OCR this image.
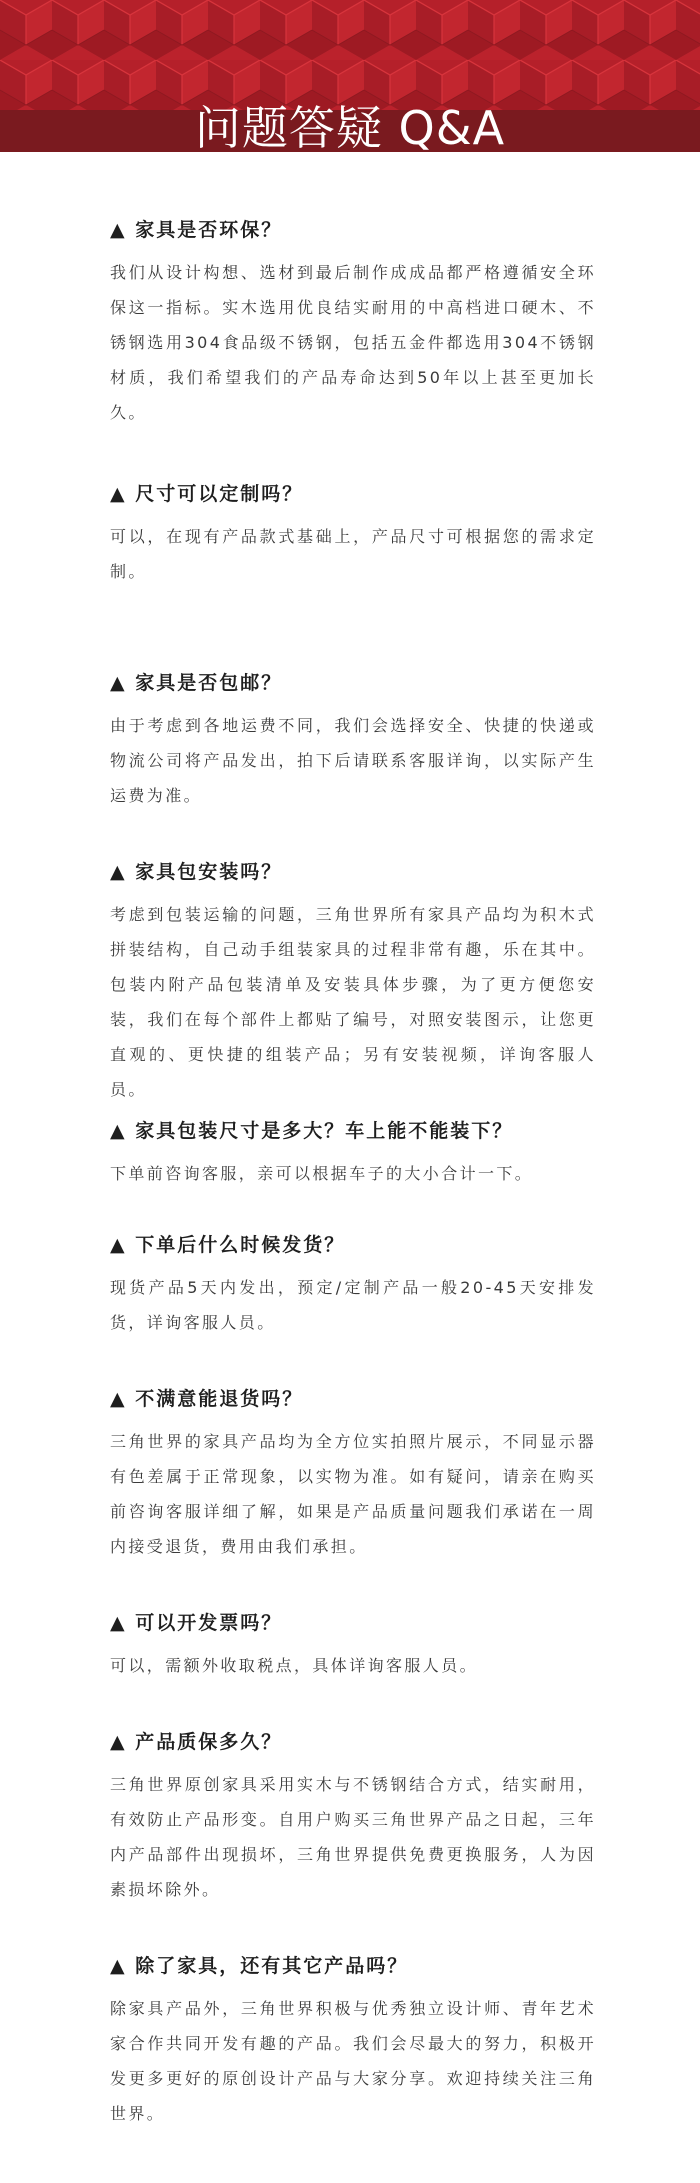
问题答疑 Q&A
▲ 家具是否环保？

我们从设计构想、选材到最后制作成成品都严格遵循安全环保这一指标。实木选用优良结实耐用的中高档进口硬木、不锈钢选用304食品级不锈钢，包括五金件都选用304不锈钢材质，我们希望我们的产品寿命达到50年以上甚至更加长久。

▲ 尺寸可以定制吗？

可以，在现有产品款式基础上，产品尺寸可根据您的需求定制。

▲ 家具是否包邮？

由于考虑到各地运费不同，我们会选择安全、快捷的快递或物流公司将产品发出，拍下后请联系客服详询，以实际产生运费为准。

▲ 家具包安装吗？

考虑到包装运输的问题，三角世界所有家具产品均为积木式拼装结构，自己动手组装家具的过程非常有趣，乐在其中。包装内附产品包装清单及安装具体步骤，为了更方便您安装，我们在每个部件上都贴了编号，对照安装图示，让您更直观的、更快捷的组装产品；另有安装视频，详询客服人员。

▲ 家具包装尺寸是多大？车上能不能装下？

下单前咨询客服，亲可以根据车子的大小合计一下。

▲ 下单后什么时候发货？

现货产品5天内发出，预定/定制产品一般20-45天安排发货，详询客服人员。

▲ 不满意能退货吗？

三角世界的家具产品均为全方位实拍照片展示，不同显示器有色差属于正常现象，以实物为准。如有疑问，请亲在购买前咨询客服详细了解，如果是产品质量问题我们承诺在一周内接受退货，费用由我们承担。

▲ 可以开发票吗？

可以，需额外收取税点，具体详询客服人员。

▲ 产品质保多久？

三角世界原创家具采用实木与不锈钢结合方式，结实耐用，有效防止产品形变。自用户购买三角世界产品之日起，三年内产品部件出现损坏，三角世界提供免费更换服务，人为因素损坏除外。

▲ 除了家具，还有其它产品吗？

除家具产品外，三角世界积极与优秀独立设计师、青年艺术家合作共同开发有趣的产品。我们会尽最大的努力，积极开发更多更好的原创设计产品与大家分享。欢迎持续关注三角世界。
